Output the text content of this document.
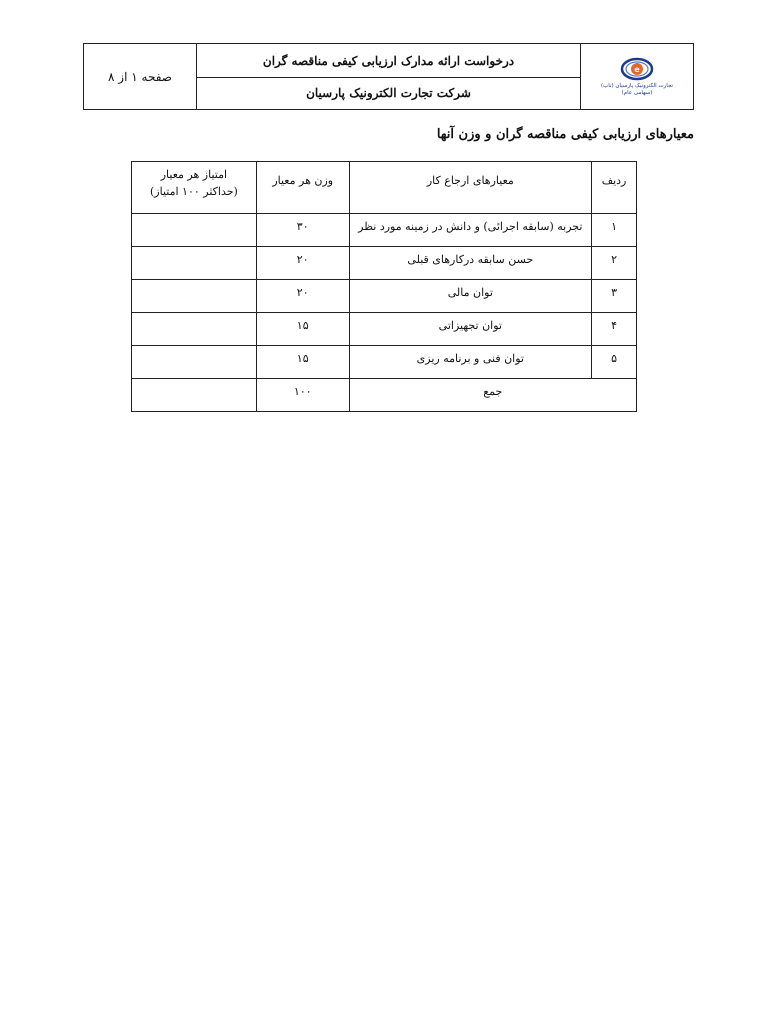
صفحه ۱ از ۸
درخواست ارائه مدارک ارزیابی کیفی مناقصه گران
شرکت تجارت الکترونیک پارسیان
e
تجارت الکترونیک پارسیان (تاپ)
(سهامی عام)
معیارهای ارزیابی کیفی مناقصه گران و وزن آنها
ردیف	معیارهای ارجاع کار	وزن هر معیار	امتیاز هر معیار
(حداکثر ۱۰۰ امتیاز)

۱	تجربه (سابقه اجرائی) و دانش در زمینه مورد نظر	۳۰	
۲	حسن سابقه درکارهای قبلی	۲۰	
۳	توان مالی	۲۰	
۴	توان تجهیزاتی	۱۵	
۵	توان فنی و برنامه ریزی	۱۵	
جمع		۱۰۰	
